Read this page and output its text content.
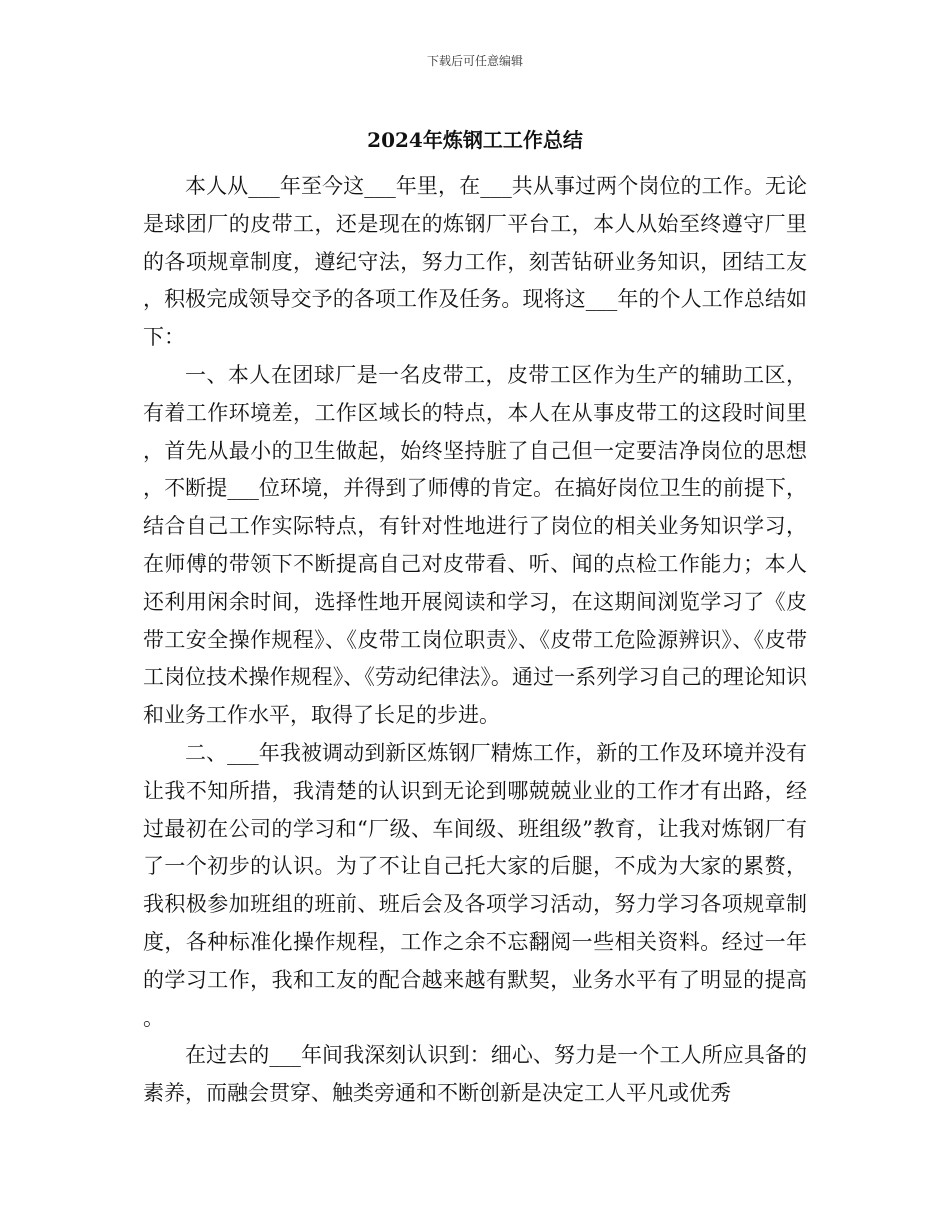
下载后可任意编辑
2024年炼钢工工作总结

本人从___年至今这___年里，在___共从事过两个岗位的工作。无论是球团厂的皮带工，还是现在的炼钢厂平台工，本人从始至终遵守厂里的各项规章制度，遵纪守法，努力工作，刻苦钻研业务知识，团结工友，积极完成领导交予的各项工作及任务。现将这___年的个人工作总结如下：

一、本人在团球厂是一名皮带工，皮带工区作为生产的辅助工区，有着工作环境差，工作区域长的特点，本人在从事皮带工的这段时间里，首先从最小的卫生做起，始终坚持脏了自己但一定要洁净岗位的思想，不断提___位环境，并得到了师傅的肯定。在搞好岗位卫生的前提下，结合自己工作实际特点，有针对性地进行了岗位的相关业务知识学习，在师傅的带领下不断提高自己对皮带看、听、闻的点检工作能力；本人还利用闲余时间，选择性地开展阅读和学习，在这期间浏览学习了《皮带工安全操作规程》、《皮带工岗位职责》、《皮带工危险源辨识》、《皮带工岗位技术操作规程》、《劳动纪律法》。通过一系列学习自己的理论知识和业务工作水平，取得了长足的步进。

二、___年我被调动到新区炼钢厂精炼工作，新的工作及环境并没有让我不知所措，我清楚的认识到无论到哪兢兢业业的工作才有出路，经过最初在公司的学习和“厂级、车间级、班组级”教育，让我对炼钢厂有了一个初步的认识。为了不让自己托大家的后腿，不成为大家的累赘，我积极参加班组的班前、班后会及各项学习活动，努力学习各项规章制度，各种标准化操作规程，工作之余不忘翻阅一些相关资料。经过一年的学习工作，我和工友的配合越来越有默契，业务水平有了明显的提高。

在过去的___年间我深刻认识到：细心、努力是一个工人所应具备的素养，而融会贯穿、触类旁通和不断创新是决定工人平凡或优秀
